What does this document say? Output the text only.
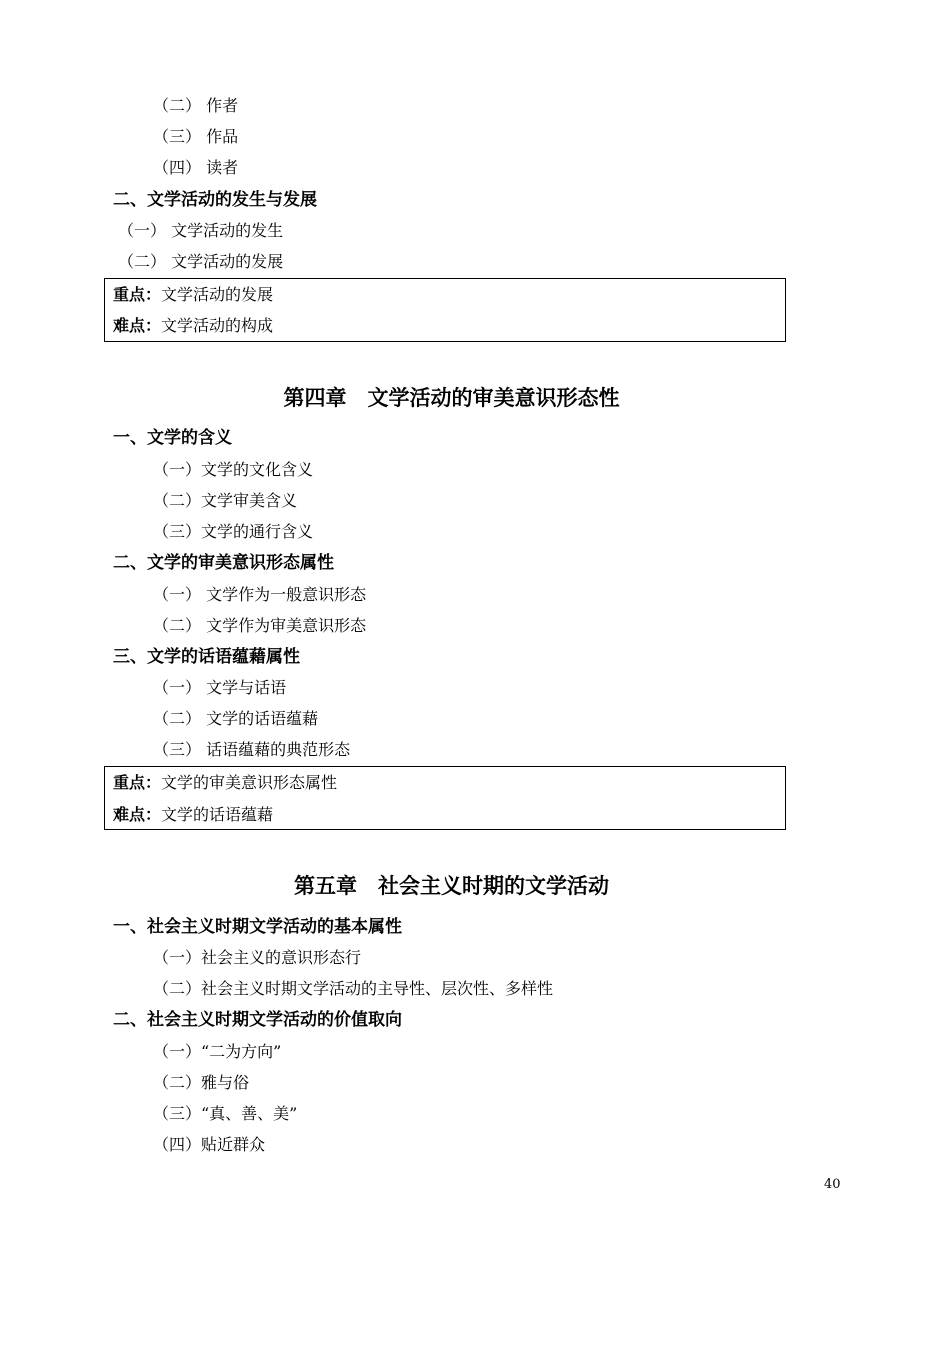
（二） 作者
（三） 作品
（四） 读者
二、文学活动的发生与发展
（一） 文学活动的发生
（二） 文学活动的发展
重点：文学活动的发展
难点：文学活动的构成
第四章　文学活动的审美意识形态性
一、文学的含义
（一）文学的文化含义
（二）文学审美含义
（三）文学的通行含义
二、文学的审美意识形态属性
（一） 文学作为一般意识形态
（二） 文学作为审美意识形态
三、文学的话语蕴藉属性
（一） 文学与话语
（二） 文学的话语蕴藉
（三） 话语蕴藉的典范形态
重点：文学的审美意识形态属性
难点：文学的话语蕴藉
第五章　社会主义时期的文学活动
一、社会主义时期文学活动的基本属性
（一）社会主义的意识形态行
（二）社会主义时期文学活动的主导性、层次性、多样性
二、社会主义时期文学活动的价值取向
（一）“二为方向”
（二）雅与俗
（三）“真、善、美”
（四）贴近群众
40
